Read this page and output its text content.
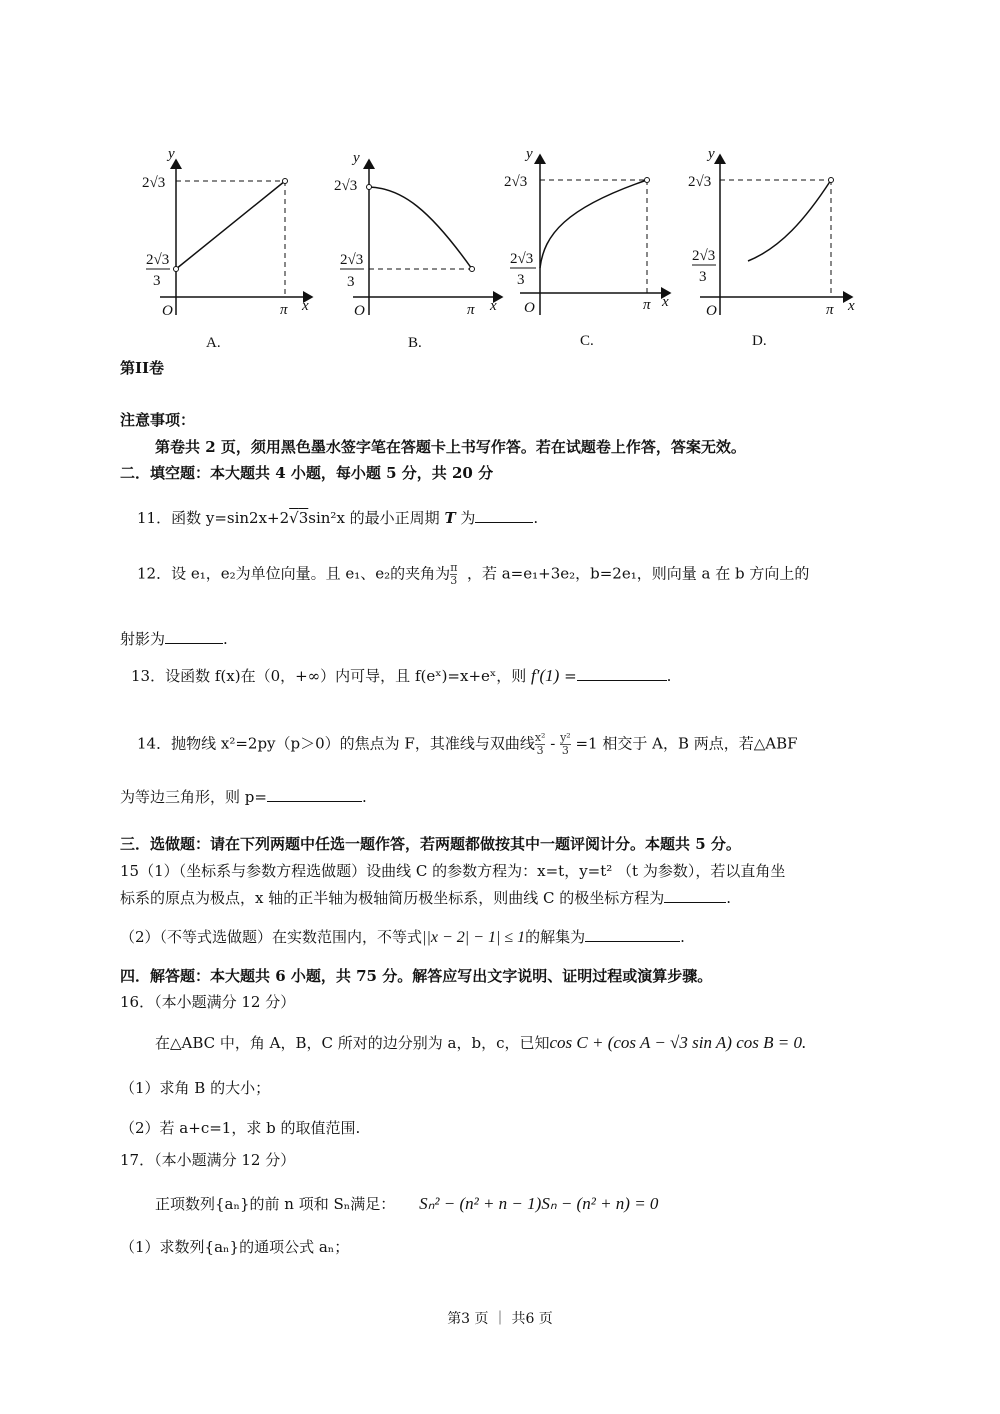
y
2√3
2√3
3
O	π x
A.
y
2√3
2√3
3
O	π x
B.
y
2√3
2√3
3
O	π x
C.
y
2√3
2√3
3
O	π x
D.
第II卷
注意事项：
第卷共 2 页，须用黑色墨水签字笔在答题卡上书写作答。若在试题卷上作答，答案无效。
二．填空题：本大题共 4 小题，每小题 5 分，共 20 分
11．函数 y=sin2x+2√3sin²x 的最小正周期 T 为	.
12．设 e₁，e₂为单位向量。且 e₁、e₂的夹角为 $\frac{\pi}{3}$ ，若 a=e₁+3e₂，b=2e₁，则向量 a 在 b 方向上的
射影为	.
13．设函数 f(x)在（0，+∞）内可导，且 f(eˣ)=x+eˣ，则 f′(1) =	.
14．抛物线 x²=2py（p＞0）的焦点为 F，其准线与双曲线 $\frac{\text{x²}}{3} - \frac{\text{y²}}{3} =1$ 相交于 A，B 两点，若△ABF
为等边三角形，则 p=	.
三．选做题：请在下列两题中任选一题作答，若两题都做按其中一题评阅计分。本题共 5 分。
15（1）（坐标系与参数方程选做题）设曲线 C 的参数方程为：x=t，y=t² （t 为参数），若以直角坐
标系的原点为极点，x 轴的正半轴为极轴简历极坐标系，则曲线 C 的极坐标方程为	.
（2）（不等式选做题）在实数范围内，不等式||x − 2| − 1| ≤ 1的解集为	.
四．解答题：本大题共 6 小题，共 75 分。解答应写出文字说明、证明过程或演算步骤。
16．（本小题满分 12 分）
在△ABC 中，角 A，B，C 所对的边分别为 a，b，c，已知cos C + (cos A − √3 sin A) cos B = 0.
（1）求角 B 的大小；
（2）若 a+c=1，求 b 的取值范围.
17．（本小题满分 12 分）
正项数列{aₙ}的前 n 项和 Sₙ满足： Sₙ² − (n² + n − 1)Sₙ − (n² + n) = 0
（1）求数列{aₙ}的通项公式 aₙ；
第3 页 ｜ 共6 页
